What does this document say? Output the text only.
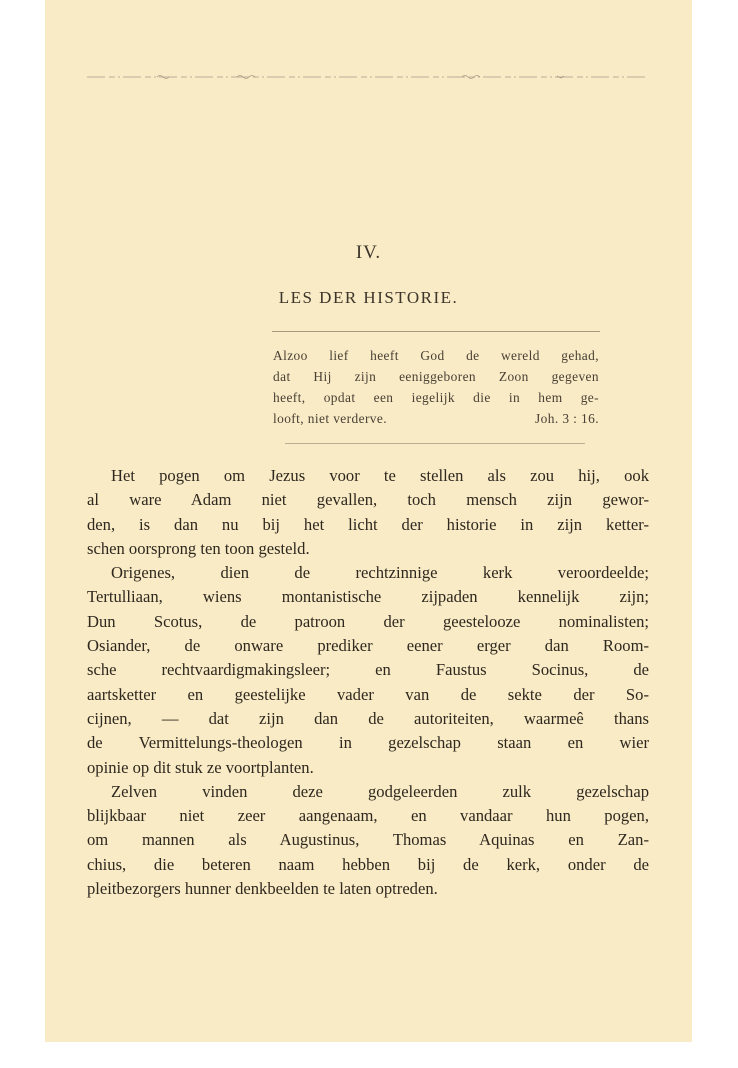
IV.
LES DER HISTORIE.
Alzoo lief heeft God de wereld gehad,
dat Hij zijn eeniggeboren Zoon gegeven
heeft, opdat een iegelijk die in hem ge-
looft, niet verderve.	Joh. 3 : 16.
Het pogen om Jezus voor te stellen als zou hij, ook
al ware Adam niet gevallen, toch mensch zijn gewor-
den, is dan nu bij het licht der historie in zijn ketter-
schen oorsprong ten toon gesteld.
Origenes, dien de rechtzinnige kerk veroordeelde;
Tertulliaan, wiens montanistische zijpaden kennelijk zijn;
Dun Scotus, de patroon der geestelooze nominalisten;
Osiander, de onware prediker eener erger dan Room-
sche rechtvaardigmakingsleer; en Faustus Socinus, de
aartsketter en geestelijke vader van de sekte der So-
cijnen, — dat zijn dan de autoriteiten, waarmeê thans
de Vermittelungs-theologen in gezelschap staan en wier
opinie op dit stuk ze voortplanten.
Zelven vinden deze godgeleerden zulk gezelschap
blijkbaar niet zeer aangenaam, en vandaar hun pogen,
om mannen als Augustinus, Thomas Aquinas en Zan-
chius, die beteren naam hebben bij de kerk, onder de
pleitbezorgers hunner denkbeelden te laten optreden.
